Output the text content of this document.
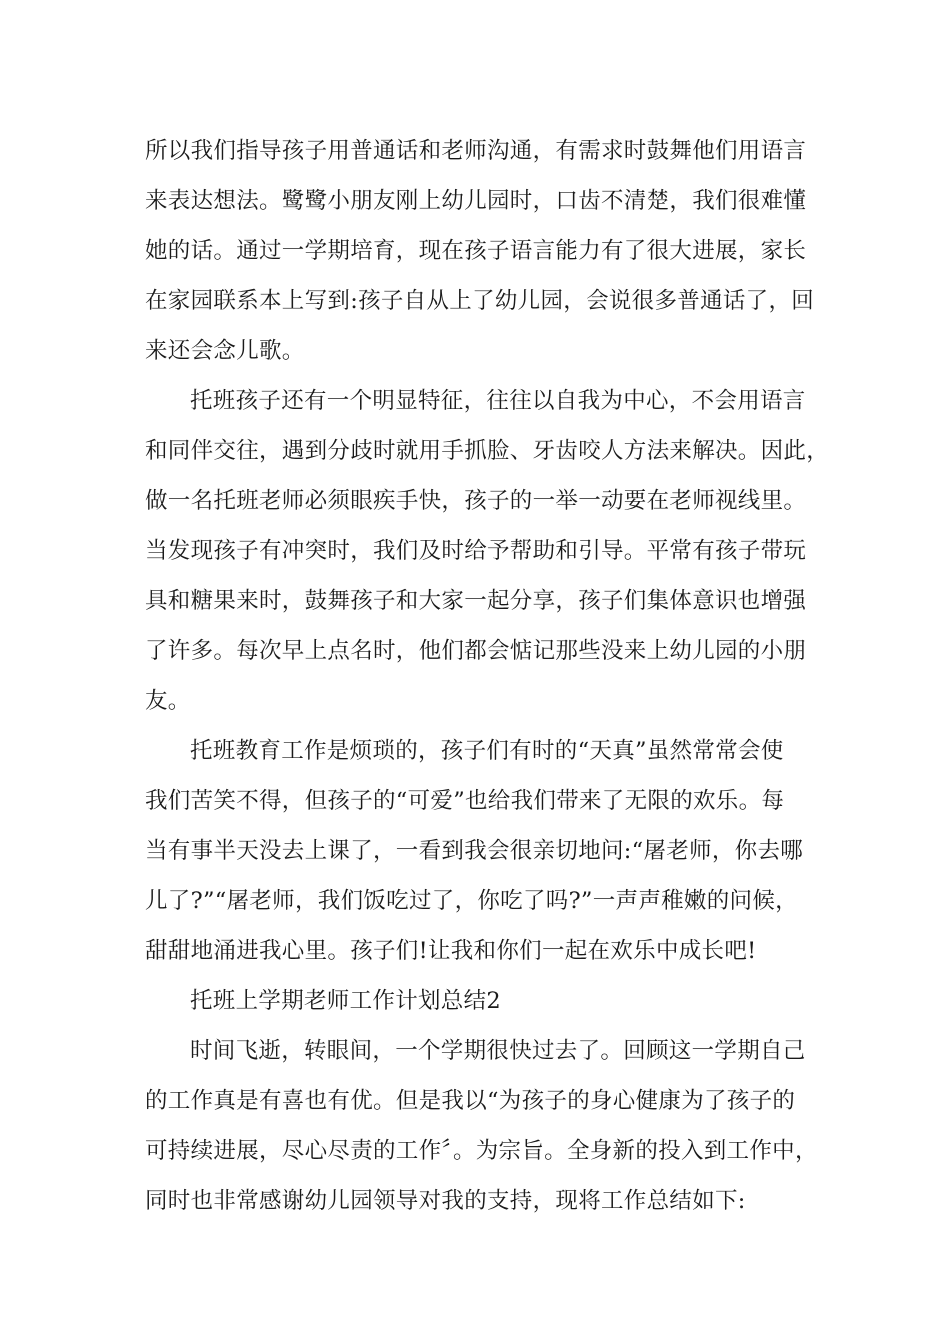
所以我们指导孩子用普通话和老师沟通，有需求时鼓舞他们用语言
来表达想法。鹭鹭小朋友刚上幼儿园时，口齿不清楚，我们很难懂
她的话。通过一学期培育，现在孩子语言能力有了很大进展，家长
在家园联系本上写到:孩子自从上了幼儿园，会说很多普通话了，回
来还会念儿歌。
托班孩子还有一个明显特征，往往以自我为中心，不会用语言
和同伴交往，遇到分歧时就用手抓脸、牙齿咬人方法来解决。因此，
做一名托班老师必须眼疾手快，孩子的一举一动要在老师视线里。
当发现孩子有冲突时，我们及时给予帮助和引导。平常有孩子带玩
具和糖果来时，鼓舞孩子和大家一起分享，孩子们集体意识也增强
了许多。每次早上点名时，他们都会惦记那些没来上幼儿园的小朋
友。
托班教育工作是烦琐的，孩子们有时的“天真”虽然常常会使
我们苦笑不得，但孩子的“可爱”也给我们带来了无限的欢乐。每
当有事半天没去上课了，一看到我会很亲切地问:“屠老师，你去哪
儿了?”“屠老师，我们饭吃过了，你吃了吗?”一声声稚嫩的问候，
甜甜地涌进我心里。孩子们!让我和你们一起在欢乐中成长吧!
托班上学期老师工作计划总结2
时间飞逝，转眼间，一个学期很快过去了。回顾这一学期自己
的工作真是有喜也有优。但是我以“为孩子的身心健康为了孩子的
可持续进展，尽心尽责的工作〞。为宗旨。全身新的投入到工作中，
同时也非常感谢幼儿园领导对我的支持，现将工作总结如下:
